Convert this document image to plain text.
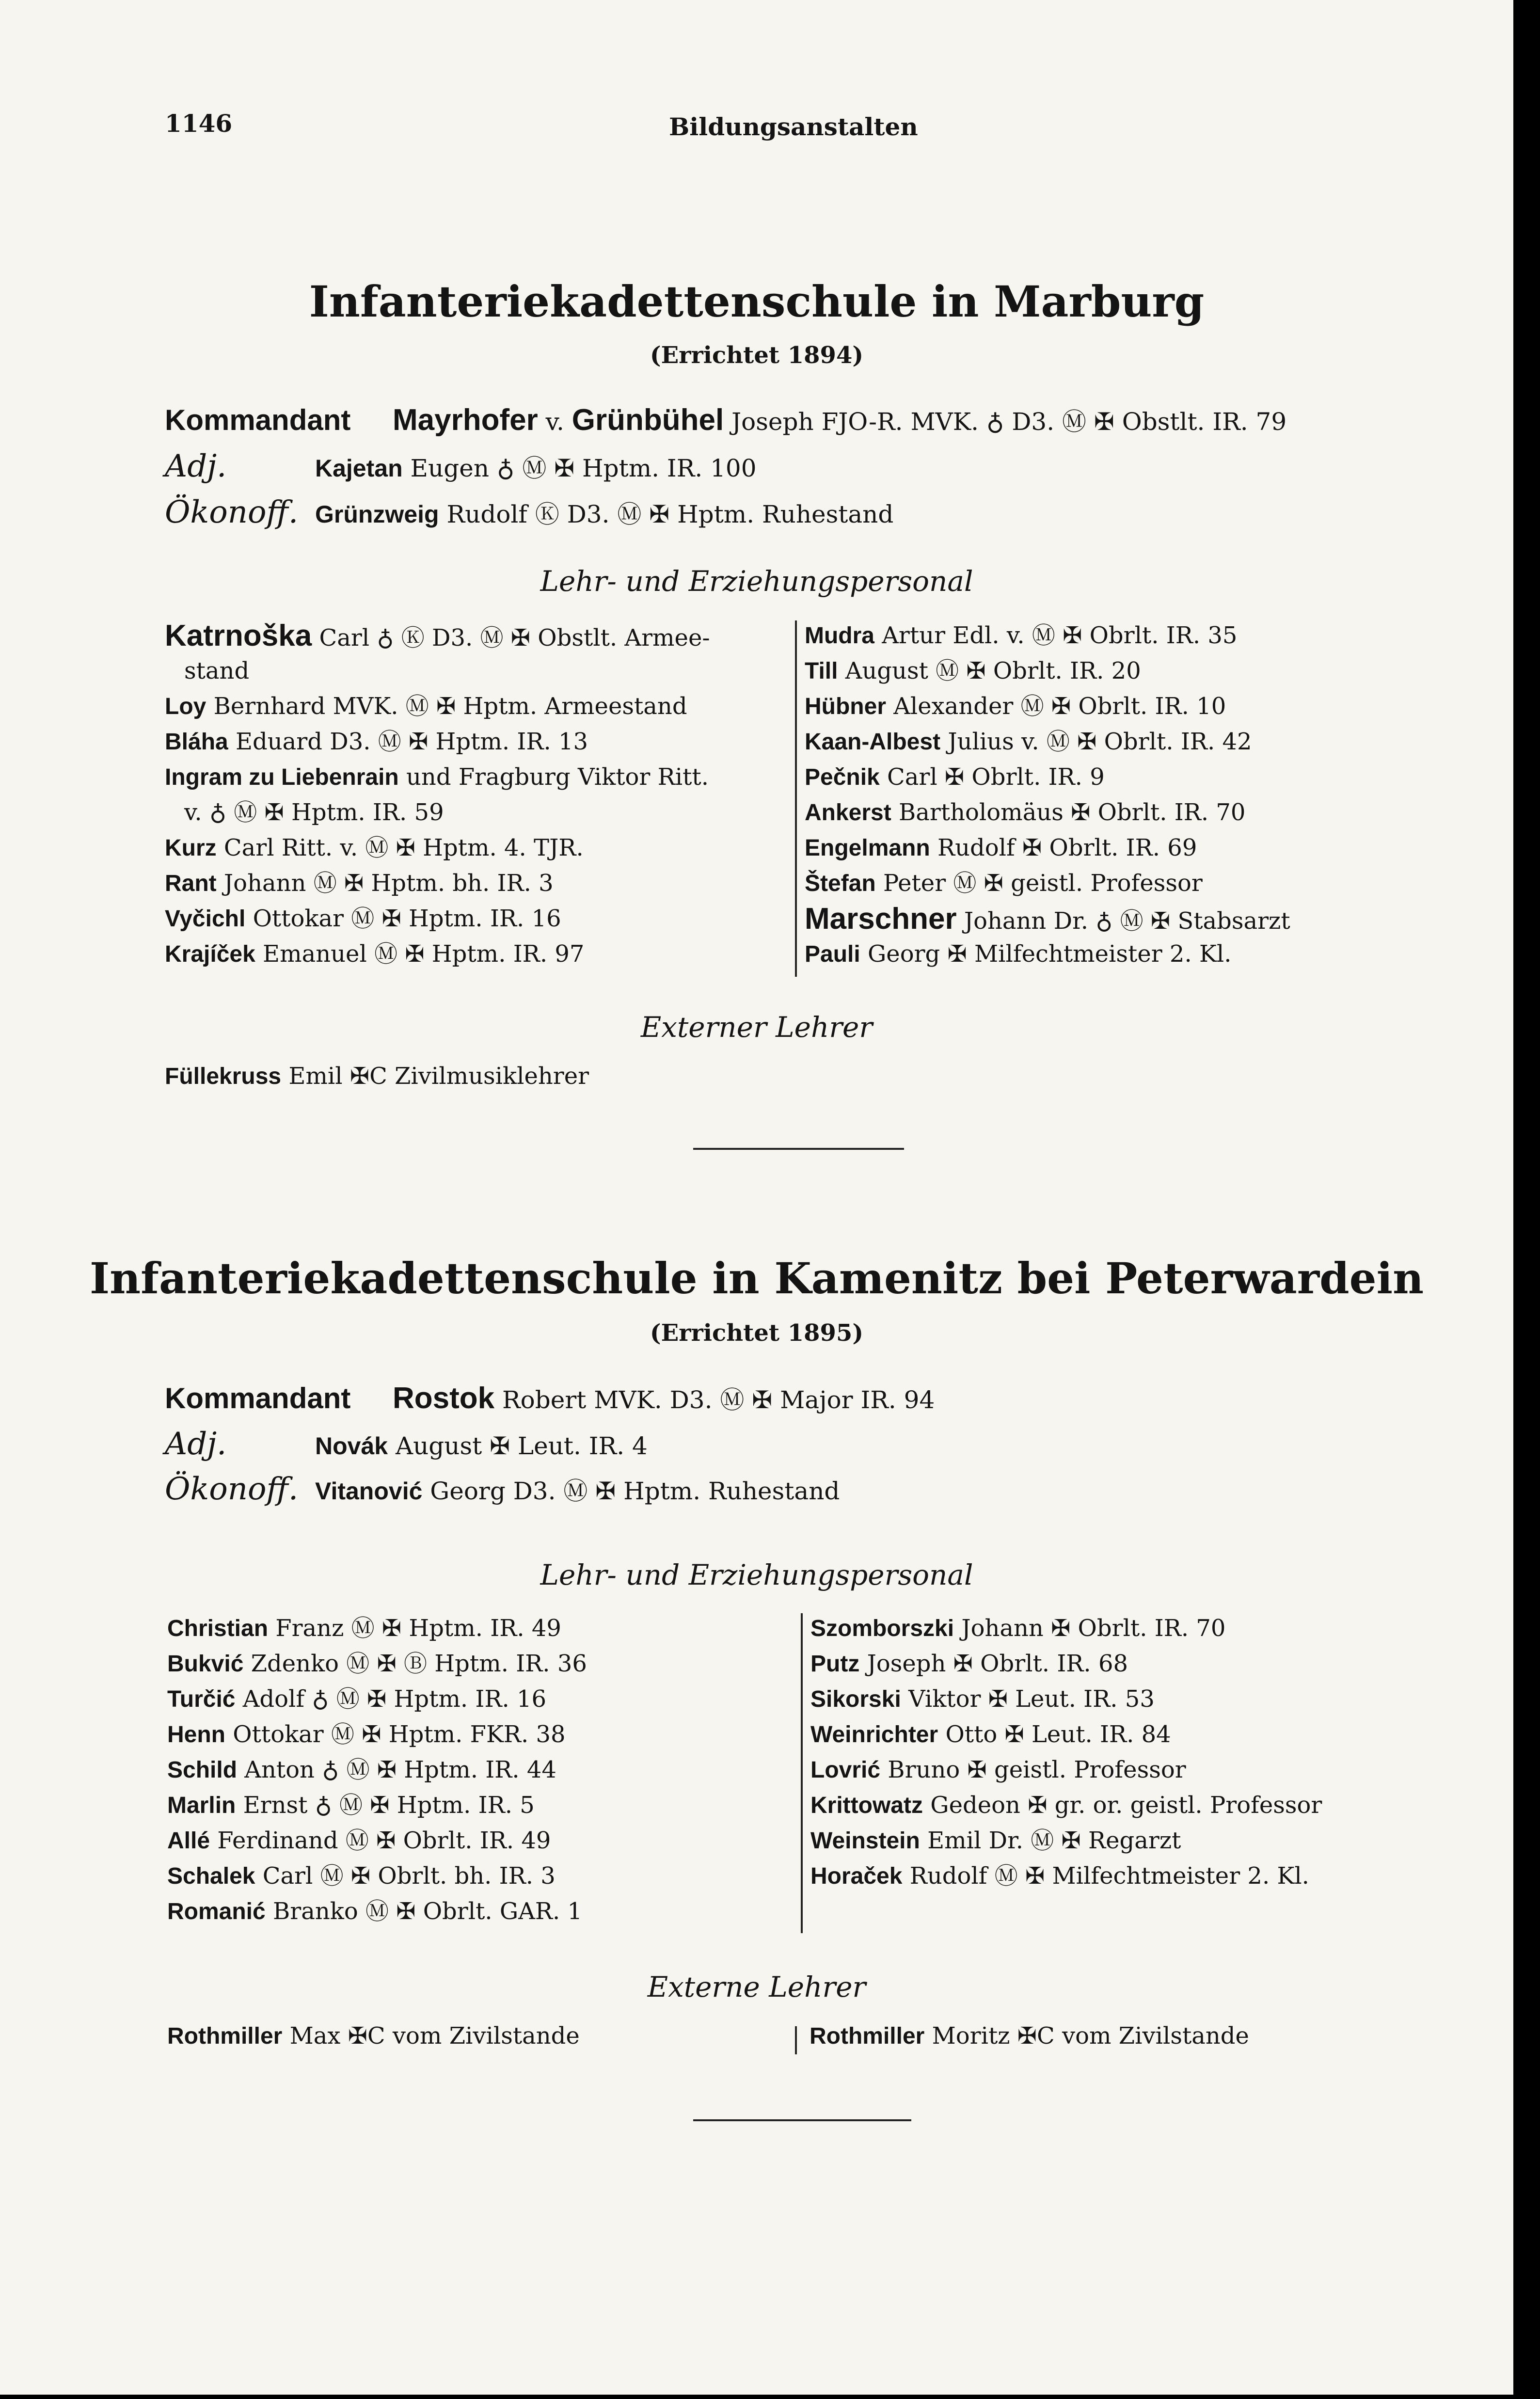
1146	Bildungsanstalten
Infanteriekadettenschule in Marburg
(Errichtet 1894)
Kommandant Mayrhofer v. Grünbühel Joseph FJO-R. MVK. ♁ D3. Ⓜ ✠ Obstlt. IR. 79
Adj.	Kajetan Eugen ♁ Ⓜ ✠ Hptm. IR. 100
Ökonoff. Grünzweig Rudolf Ⓚ D3. Ⓜ ✠ Hptm. Ruhestand
Lehr- und Erziehungspersonal
Katrnoška Carl ♁ Ⓚ D3. Ⓜ ✠ Obstlt. Armee-
stand
Loy Bernhard MVK. Ⓜ ✠ Hptm. Armeestand
Bláha Eduard D3. Ⓜ ✠ Hptm. IR. 13
Ingram zu Liebenrain und Fragburg Viktor Ritt.
v. ♁ Ⓜ ✠ Hptm. IR. 59
Kurz Carl Ritt. v. Ⓜ ✠ Hptm. 4. TJR.
Rant Johann Ⓜ ✠ Hptm. bh. IR. 3
Vyčichl Ottokar Ⓜ ✠ Hptm. IR. 16
Krajíček Emanuel Ⓜ ✠ Hptm. IR. 97
Mudra Artur Edl. v. Ⓜ ✠ Obrlt. IR. 35
Till August Ⓜ ✠ Obrlt. IR. 20
Hübner Alexander Ⓜ ✠ Obrlt. IR. 10
Kaan-Albest Julius v. Ⓜ ✠ Obrlt. IR. 42
Pečnik Carl ✠ Obrlt. IR. 9
Ankerst Bartholomäus ✠ Obrlt. IR. 70
Engelmann Rudolf ✠ Obrlt. IR. 69
Štefan Peter Ⓜ ✠ geistl. Professor
Marschner Johann Dr. ♁ Ⓜ ✠ Stabsarzt
Pauli Georg ✠ Milfechtmeister 2. Kl.
Externer Lehrer
Füllekruss Emil ✠C Zivilmusiklehrer
Infanteriekadettenschule in Kamenitz bei Peterwardein
(Errichtet 1895)
Kommandant Rostok Robert MVK. D3. Ⓜ ✠ Major IR. 94
Adj.	Novák August ✠ Leut. IR. 4
Ökonoff. Vitanović Georg D3. Ⓜ ✠ Hptm. Ruhestand
Lehr- und Erziehungspersonal
Christian Franz Ⓜ ✠ Hptm. IR. 49
Bukvić Zdenko Ⓜ ✠ Ⓑ Hptm. IR. 36
Turčić Adolf ♁ Ⓜ ✠ Hptm. IR. 16
Henn Ottokar Ⓜ ✠ Hptm. FKR. 38
Schild Anton ♁ Ⓜ ✠ Hptm. IR. 44
Marlin Ernst ♁ Ⓜ ✠ Hptm. IR. 5
Allé Ferdinand Ⓜ ✠ Obrlt. IR. 49
Schalek Carl Ⓜ ✠ Obrlt. bh. IR. 3
Romanić Branko Ⓜ ✠ Obrlt. GAR. 1
Szomborszki Johann ✠ Obrlt. IR. 70
Putz Joseph ✠ Obrlt. IR. 68
Sikorski Viktor ✠ Leut. IR. 53
Weinrichter Otto ✠ Leut. IR. 84
Lovrić Bruno ✠ geistl. Professor
Krittowatz Gedeon ✠ gr. or. geistl. Professor
Weinstein Emil Dr. Ⓜ ✠ Regarzt
Horaček Rudolf Ⓜ ✠ Milfechtmeister 2. Kl.
Externe Lehrer
Rothmiller Max ✠C vom Zivilstande	Rothmiller Moritz ✠C vom Zivilstande
